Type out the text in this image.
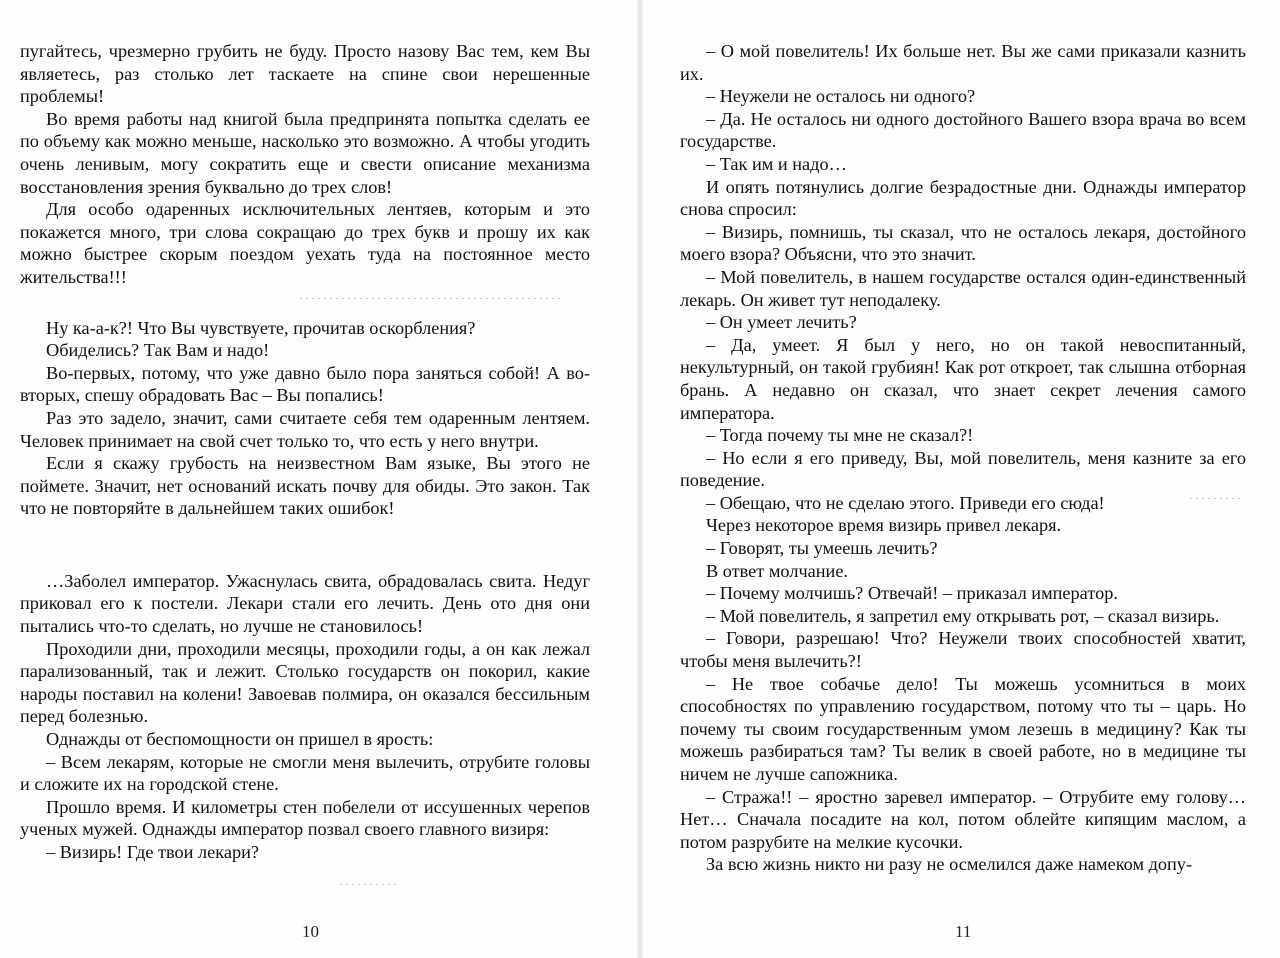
пугайтесь, чрезмерно грубить не буду. Просто назову Вас тем, кем Вы являетесь, раз столько лет таскаете на спине свои нерешенные проблемы!

Во время работы над книгой была предпринята попытка сделать ее по объему как можно меньше, насколько это возможно. А чтобы угодить очень ленивым, могу сократить еще и свести описание механизма восстановления зрения буквально до трех слов!

Для особо одаренных исключительных лентяев, которым и это покажется много, три слова сокращаю до трех букв и прошу их как можно быстрее скорым поездом уехать туда на постоянное место жительства!!!

Ну ка-а-к?! Что Вы чувствуете, прочитав оскорбления?

Обиделись? Так Вам и надо!

Во-первых, потому, что уже давно было пора заняться собой! А во-вторых, спешу обрадовать Вас – Вы попались!

Раз это задело, значит, сами считаете себя тем одаренным лентяем. Человек принимает на свой счет только то, что есть у него внутри.

Если я скажу грубость на неизвестном Вам языке, Вы этого не поймете. Значит, нет оснований искать почву для обиды. Это закон. Так что не повторяйте в дальнейшем таких ошибок!

…Заболел император. Ужаснулась свита, обрадовалась свита. Недуг приковал его к постели. Лекари стали его лечить. День ото дня они пытались что-то сделать, но лучше не становилось!

Проходили дни, проходили месяцы, проходили годы, а он как лежал парализованный, так и лежит. Столько государств он покорил, какие народы поставил на колени! Завоевав полмира, он оказался бессильным перед болезнью.

Однажды от беспомощности он пришел в ярость:

– Всем лекарям, которые не смогли меня вылечить, отрубите головы и сложите их на городской стене.

Прошло время. И километры стен побелели от иссушенных черепов ученых мужей. Однажды император позвал своего главного визиря:

– Визирь! Где твои лекари?

10

– О мой повелитель! Их больше нет. Вы же сами приказали казнить их.

– Неужели не осталось ни одного?

– Да. Не осталось ни одного достойного Вашего взора врача во всем государстве.

– Так им и надо…

И опять потянулись долгие безрадостные дни. Однажды император снова спросил:

– Визирь, помнишь, ты сказал, что не осталось лекаря, достойного моего взора? Объясни, что это значит.

– Мой повелитель, в нашем государстве остался один-единственный лекарь. Он живет тут неподалеку.

– Он умеет лечить?

– Да, умеет. Я был у него, но он такой невоспитанный, некультурный, он такой грубиян! Как рот откроет, так слышна отборная брань. А недавно он сказал, что знает секрет лечения самого императора.

– Тогда почему ты мне не сказал?!

– Но если я его приведу, Вы, мой повелитель, меня казните за его поведение.

– Обещаю, что не сделаю этого. Приведи его сюда!

Через некоторое время визирь привел лекаря.

– Говорят, ты умеешь лечить?

В ответ молчание.

– Почему молчишь? Отвечай! – приказал император.

– Мой повелитель, я запретил ему открывать рот, – сказал визирь.

– Говори, разрешаю! Что? Неужели твоих способностей хватит, чтобы меня вылечить?!

– Не твое собачье дело! Ты можешь усомниться в моих способностях по управлению государством, потому что ты – царь. Но почему ты своим государственным умом лезешь в медицину? Как ты можешь разбираться там? Ты велик в своей работе, но в медицине ты ничем не лучше сапожника.

– Стража!! – яростно заревел император. – Отрубите ему голову… Нет… Сначала посадите на кол, потом облейте кипящим маслом, а потом разрубите на мелкие кусочки.

За всю жизнь никто ни разу не осмелился даже намеком допу-

11
